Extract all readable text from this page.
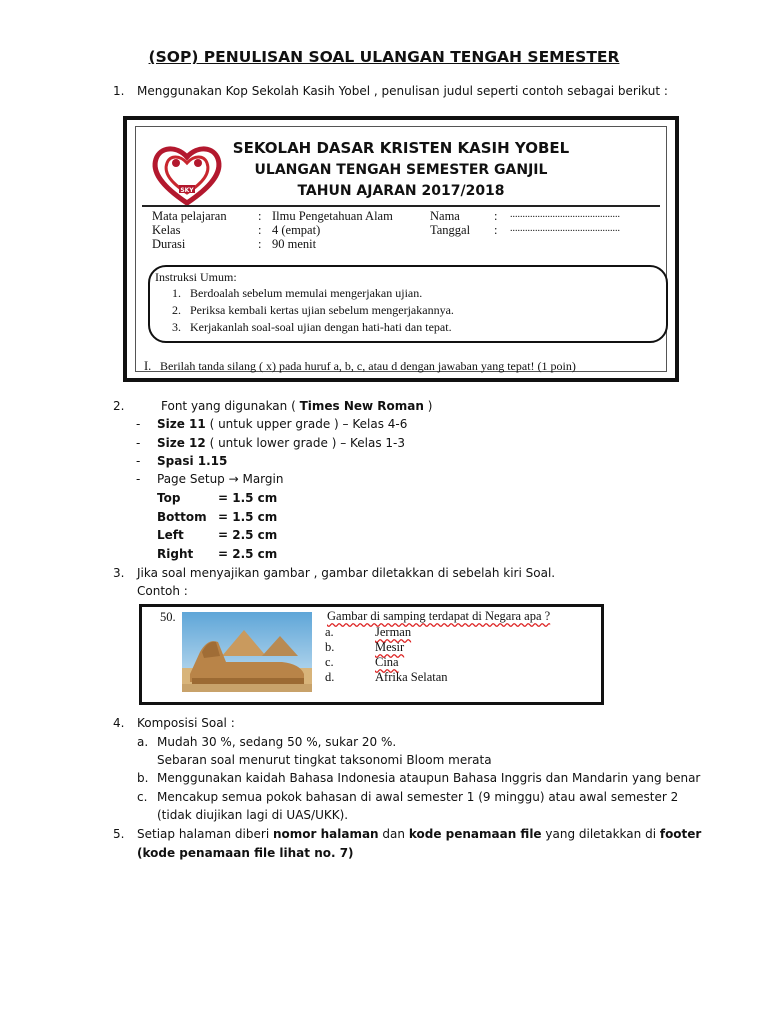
(SOP) PENULISAN SOAL ULANGAN TENGAH SEMESTER
1. Menggunakan Kop Sekolah Kasih Yobel , penulisan judul seperti contoh sebagai berikut :
SKY
SEKOLAH DASAR KRISTEN KASIH YOBEL
ULANGAN TENGAH SEMESTER GANJIL
TAHUN AJARAN 2017/2018
Mata pelajaran	: Ilmu Pengetahuan Alam
Kelas	: 4 (empat)
Durasi	: 90 menit
Nama	: ............................................
Tanggal : ............................................
Instruksi Umum:
1. Berdoalah sebelum memulai mengerjakan ujian.
2. Periksa kembali kertas ujian sebelum mengerjakannya.
3. Kerjakanlah soal-soal ujian dengan hati-hati dan tepat.
I. Berilah tanda silang ( x) pada huruf a, b, c, atau d dengan jawaban yang tepat! (1 poin)
2.	Font yang digunakan ( Times New Roman )
- Size 11 ( untuk upper grade ) – Kelas 4-6
- Size 12 ( untuk lower grade ) – Kelas 1-3
- Spasi 1.15
- Page Setup → Margin
Top	= 1.5 cm
Bottom = 1.5 cm
Left	= 2.5 cm
Right = 2.5 cm
3. Jika soal menyajikan gambar , gambar diletakkan di sebelah kiri Soal.
Contoh :
50.	Gambar di samping terdapat di Negara apa ?
a.	Jerman
b.	Mesir
c.	Cina
d.	Afrika Selatan
4. Komposisi Soal :
a. Mudah 30 %, sedang 50 %, sukar 20 %.
Sebaran soal menurut tingkat taksonomi Bloom merata
b. Menggunakan kaidah Bahasa Indonesia ataupun Bahasa Inggris dan Mandarin yang benar
c. Mencakup semua pokok bahasan di awal semester 1 (9 minggu) atau awal semester 2
(tidak diujikan lagi di UAS/UKK).
5. Setiap halaman diberi nomor halaman dan kode penamaan file yang diletakkan di footer
(kode penamaan file lihat no. 7)
